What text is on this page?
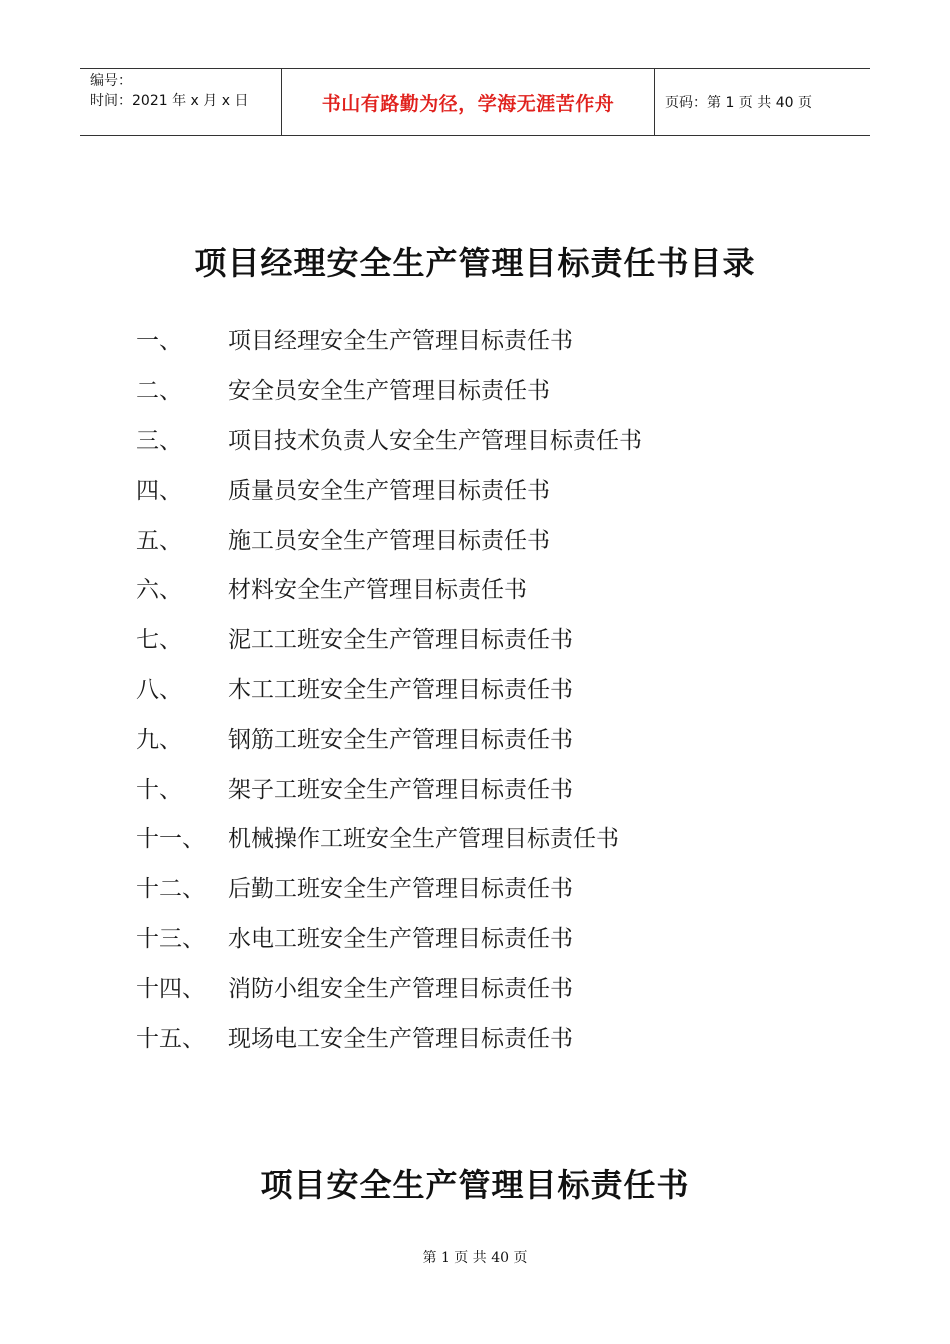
编号：
时间：2021 年 x 月 x 日	书山有路勤为径，学海无涯苦作舟	页码：第 1 页 共 40 页
项目经理安全生产管理目标责任书目录
一、	项目经理安全生产管理目标责任书
二、	安全员安全生产管理目标责任书
三、	项目技术负责人安全生产管理目标责任书
四、	质量员安全生产管理目标责任书
五、	施工员安全生产管理目标责任书
六、	材料安全生产管理目标责任书
七、	泥工工班安全生产管理目标责任书
八、	木工工班安全生产管理目标责任书
九、	钢筋工班安全生产管理目标责任书
十、	架子工班安全生产管理目标责任书
十一、	机械操作工班安全生产管理目标责任书
十二、	后勤工班安全生产管理目标责任书
十三、	水电工班安全生产管理目标责任书
十四、	消防小组安全生产管理目标责任书
十五、	现场电工安全生产管理目标责任书
项目安全生产管理目标责任书
第 1 页 共 40 页
